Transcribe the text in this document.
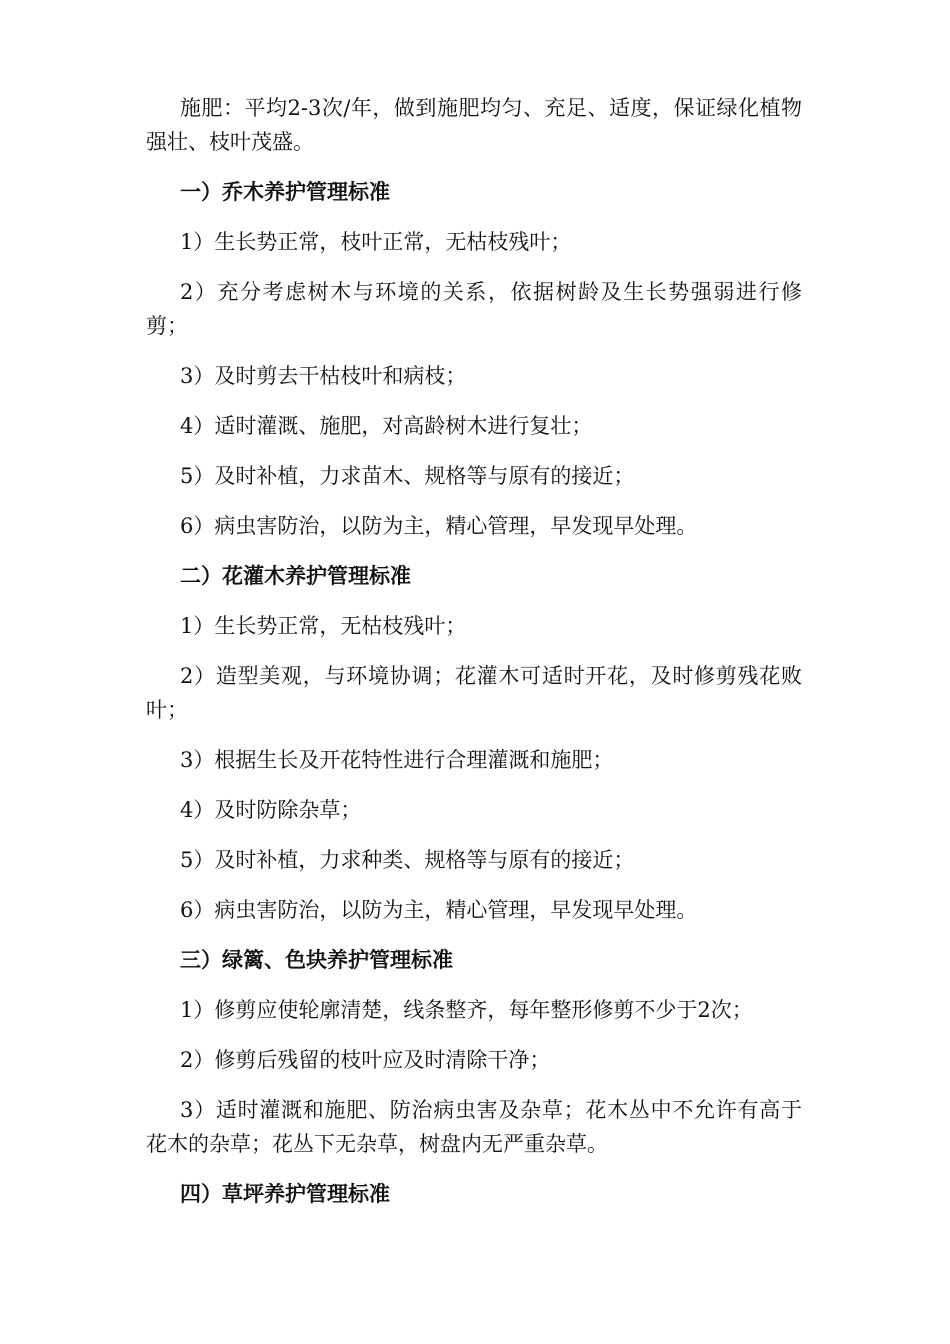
施肥：平均2-3次/年，做到施肥均匀、充足、适度，保证绿化植物强壮、枝叶茂盛。

一）乔木养护管理标准

1）生长势正常，枝叶正常，无枯枝残叶；

2）充分考虑树木与环境的关系，依据树龄及生长势强弱进行修剪；

3）及时剪去干枯枝叶和病枝；

4）适时灌溉、施肥，对高龄树木进行复壮；

5）及时补植，力求苗木、规格等与原有的接近；

6）病虫害防治，以防为主，精心管理，早发现早处理。

二）花灌木养护管理标准

1）生长势正常，无枯枝残叶；

2）造型美观，与环境协调；花灌木可适时开花，及时修剪残花败叶；

3）根据生长及开花特性进行合理灌溉和施肥；

4）及时防除杂草；

5）及时补植，力求种类、规格等与原有的接近；

6）病虫害防治，以防为主，精心管理，早发现早处理。

三）绿篱、色块养护管理标准

1）修剪应使轮廓清楚，线条整齐，每年整形修剪不少于2次；

2）修剪后残留的枝叶应及时清除干净；

3）适时灌溉和施肥、防治病虫害及杂草；花木丛中不允许有高于花木的杂草；花丛下无杂草，树盘内无严重杂草。

四）草坪养护管理标准
